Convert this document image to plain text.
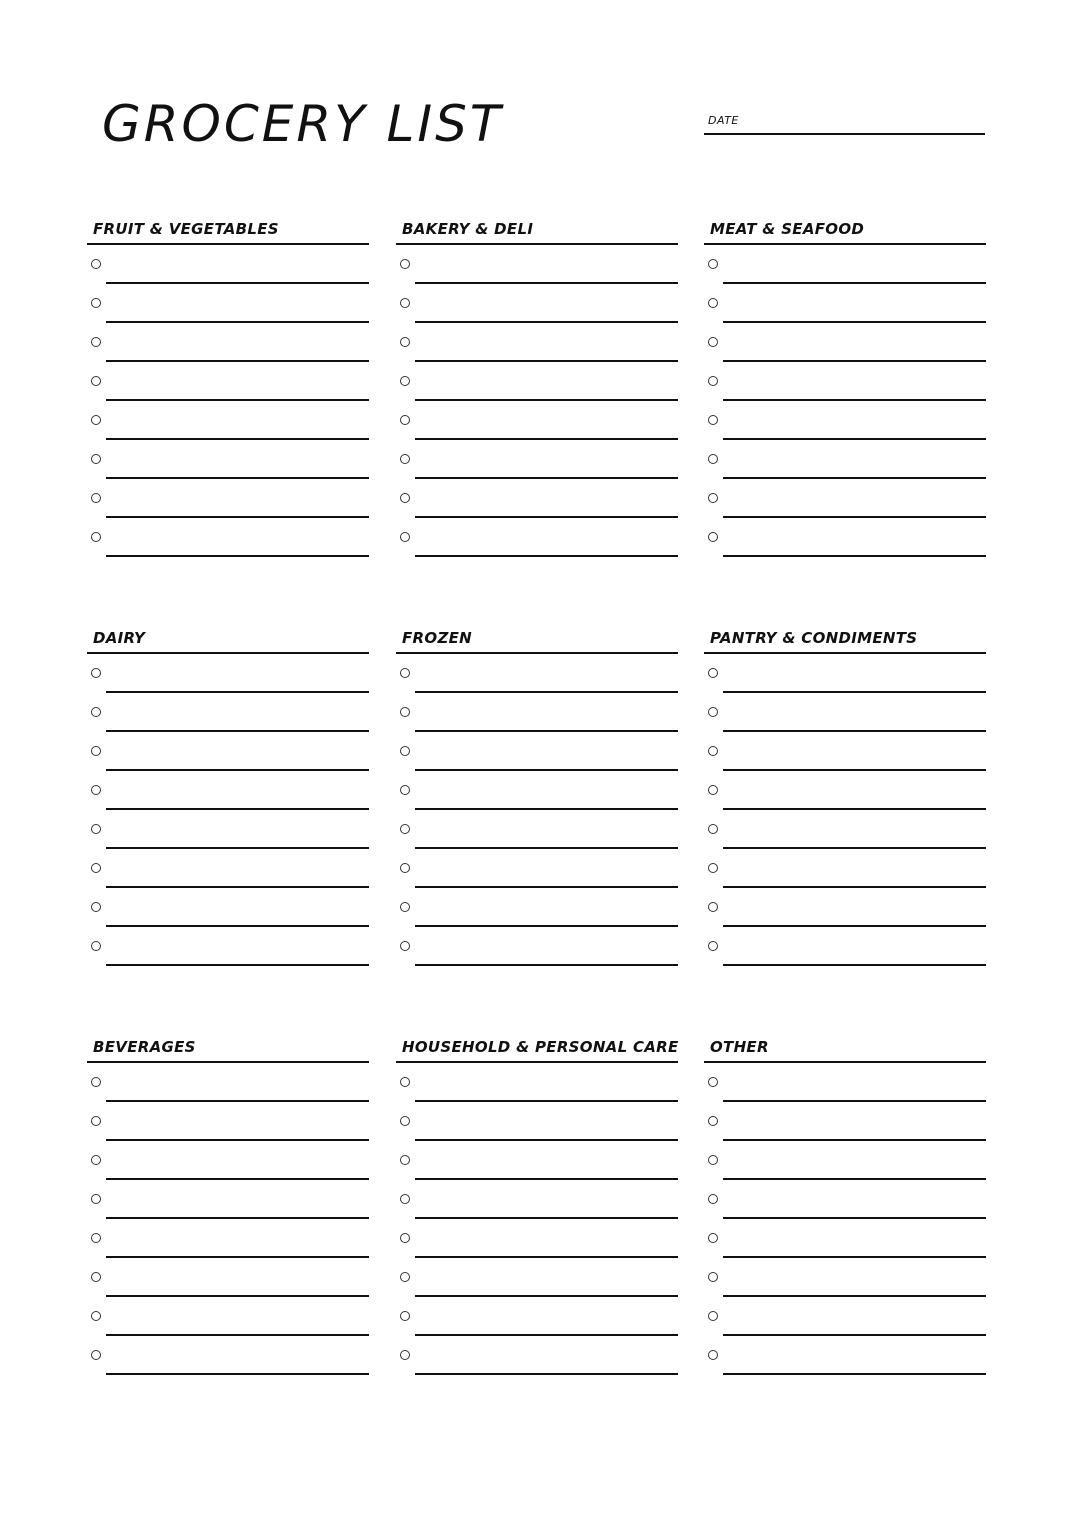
GROCERY LIST	DATE
FRUIT & VEGETABLES	BAKERY & DELI	MEAT & SEAFOOD
DAIRY	FROZEN	PANTRY & CONDIMENTS
BEVERAGES	HOUSEHOLD & PERSONAL CARE OTHER
